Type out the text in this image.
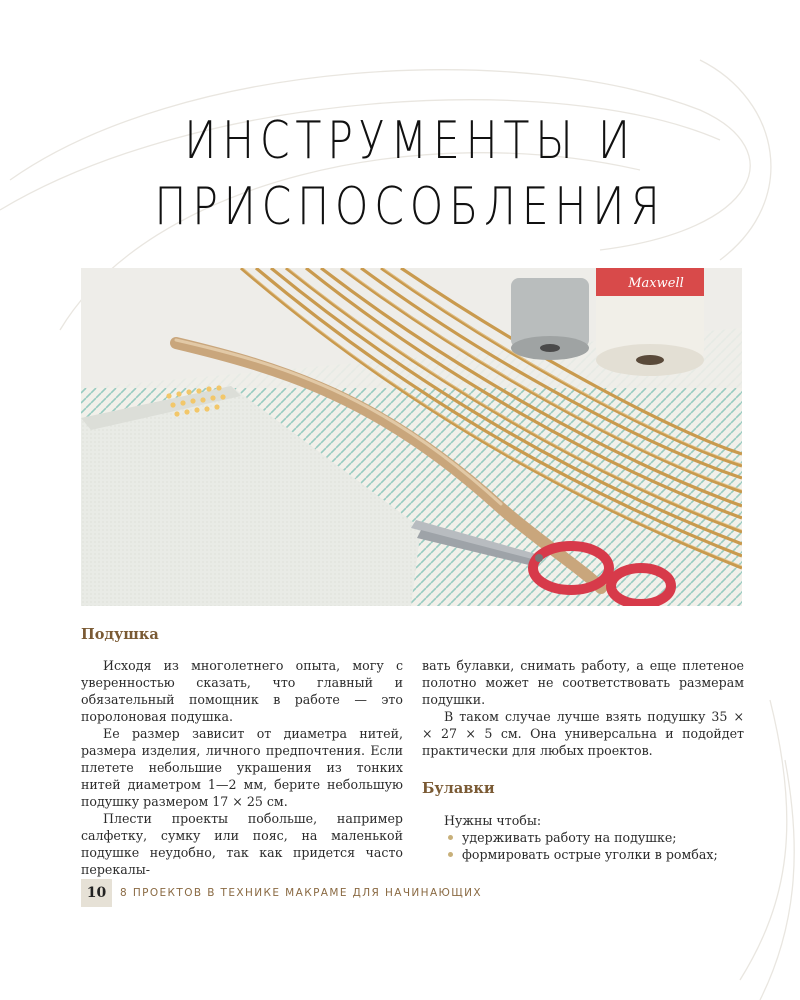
ИНСТРУМЕНТЫ И
ПРИСПОСОБЛЕНИЯ
Maxwell
Подушка

Исходя из многолетнего опыта, могу с уверенностью сказать, что главный и обязательный помощник в работе — это поролоновая подушка.

Ее размер зависит от диаметра нитей, размера изделия, личного предпочтения. Если плетете небольшие украшения из тонких нитей диаметром 1—2 мм, берите небольшую подушку размером 17 × 25 см.

Плести проекты побольше, например салфетку, сумку или пояс, на маленькой подушке неудобно, так как придется часто перекалы-

вать булавки, снимать работу, а еще плетеное полотно может не соответствовать размерам подушки.

В таком случае лучше взять подушку 35 × × 27 × 5 см. Она универсальна и подойдет практически для любых проектов.

Булавки

Нужны чтобы:

удерживать работу на подушке;
формировать острые уголки в ромбах;
10	8 ПРОЕКТОВ В ТЕХНИКЕ МАКРАМЕ ДЛЯ НАЧИНАЮЩИХ
